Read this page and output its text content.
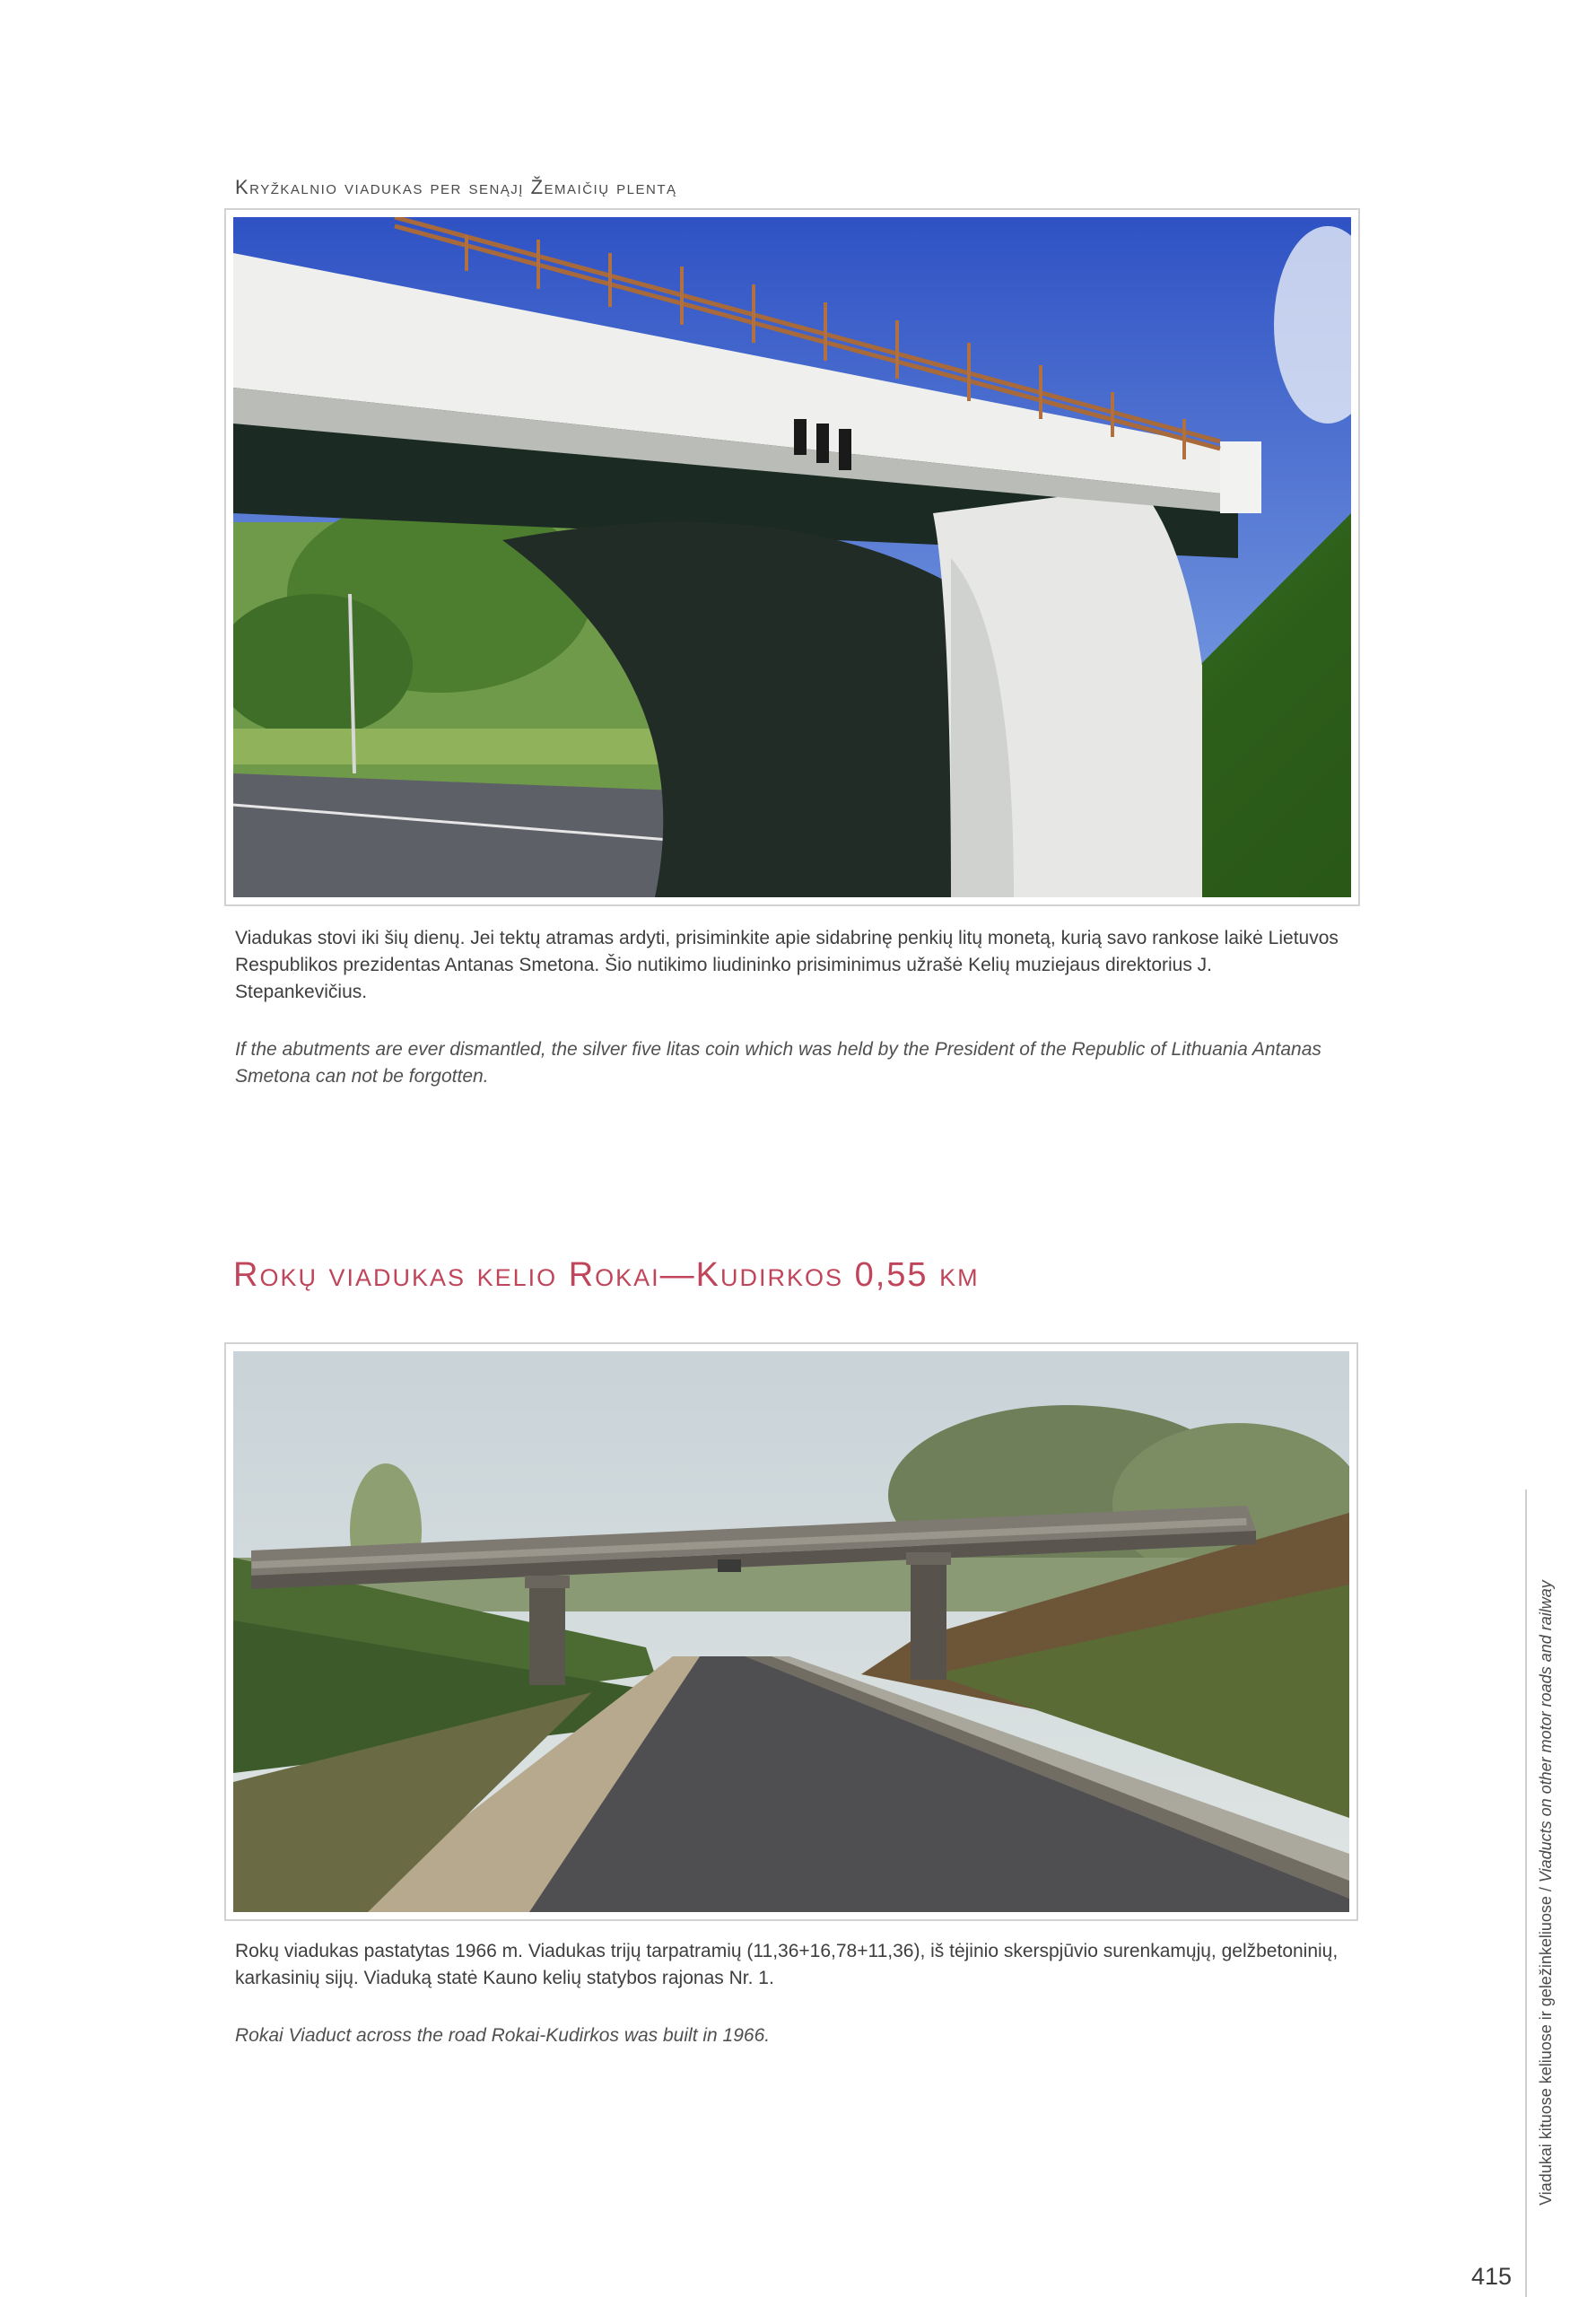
Kryžkalnio viadukas per senąjį Žemaičių plentą

Viadukas stovi iki šių dienų. Jei tektų atramas ardyti, prisiminkite apie sidabrinę penkių litų monetą, kurią savo rankose laikė Lietuvos Respublikos prezidentas Antanas Smetona. Šio nutikimo liudininko prisiminimus užrašė Kelių muziejaus direktorius J. Stepankevičius.

If the abutments are ever dismantled, the silver five litas coin which was held by the President of the Republic of Lithuania Antanas Smetona can not be forgotten.

Rokų viadukas kelio Rokai—Kudirkos 0,55 km

Rokų viadukas pastatytas 1966 m. Viadukas trijų tarpatramių (11,36+16,78+11,36), iš tėjinio skerspjūvio surenkamųjų, gelžbetoninių, karkasinių sijų. Viaduką statė Kauno kelių statybos rajonas Nr. 1.

Rokai Viaduct across the road Rokai-Kudirkos was built in 1966.	Viadukai kituose keliuose ir geležinkeliuose / Viaducts on other motor roads and railway
415
